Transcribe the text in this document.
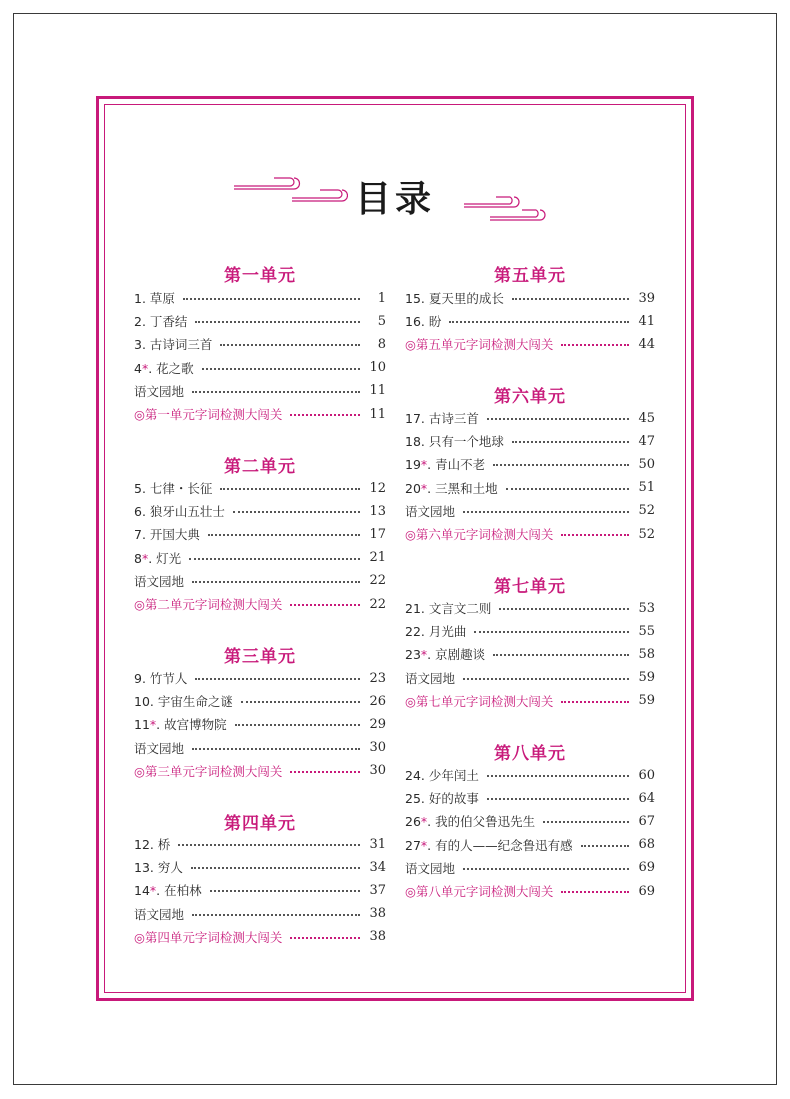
目录
第一单元
1. 草原	1
2. 丁香结	5
3. 古诗词三首	8
4*. 花之歌	10
语文园地	11
◎第一单元字词检测大闯关	11
第二单元
5. 七律・长征	12
6. 狼牙山五壮士	13
7. 开国大典	17
8*. 灯光	21
语文园地	22
◎第二单元字词检测大闯关	22
第三单元
9. 竹节人	23
10. 宇宙生命之谜	26
11*. 故宫博物院	29
语文园地	30
◎第三单元字词检测大闯关	30
第四单元
12. 桥	31
13. 穷人	34
14*. 在柏林	37
语文园地	38
◎第四单元字词检测大闯关	38
第五单元
15. 夏天里的成长	39
16. 盼	41
◎第五单元字词检测大闯关	44
第六单元
17. 古诗三首	45
18. 只有一个地球	47
19*. 青山不老	50
20*. 三黑和土地	51
语文园地	52
◎第六单元字词检测大闯关	52
第七单元
21. 文言文二则	53
22. 月光曲	55
23*. 京剧趣谈	58
语文园地	59
◎第七单元字词检测大闯关	59
第八单元
24. 少年闰土	60
25. 好的故事	64
26*. 我的伯父鲁迅先生	67
27*. 有的人——纪念鲁迅有感	68
语文园地	69
◎第八单元字词检测大闯关	69
